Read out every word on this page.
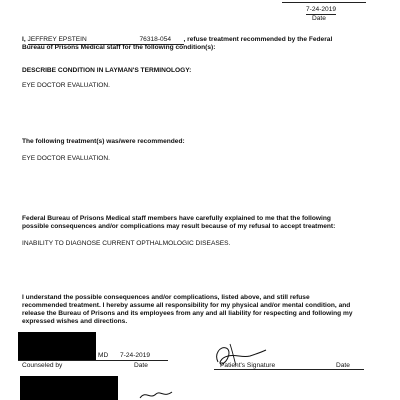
7-24-2019
Date
I, JEFFREY EPSTEIN	76318-054 , refuse treatment recommended by the Federal
Bureau of Prisons Medical staff for the following condition(s):
DESCRIBE CONDITION IN LAYMAN'S TERMINOLOGY:
EYE DOCTOR EVALUATION.
The following treatment(s) was/were recommended:
EYE DOCTOR EVALUATION.
Federal Bureau of Prisons Medical staff members have carefully explained to me that the following
possible consequences and/or complications may result because of my refusal to accept treatment:
INABILITY TO DIAGNOSE CURRENT OPTHALMOLOGIC DISEASES.
I understand the possible consequences and/or complications, listed above, and still refuse
recommended treatment. I hereby assume all responsibility for my physical and/or mental condition, and
release the Bureau of Prisons and its employees from any and all liability for respecting and following my
expressed wishes and directions.
MD 7-24-2019
Counseled by	Date	Patient's Signature	Date
